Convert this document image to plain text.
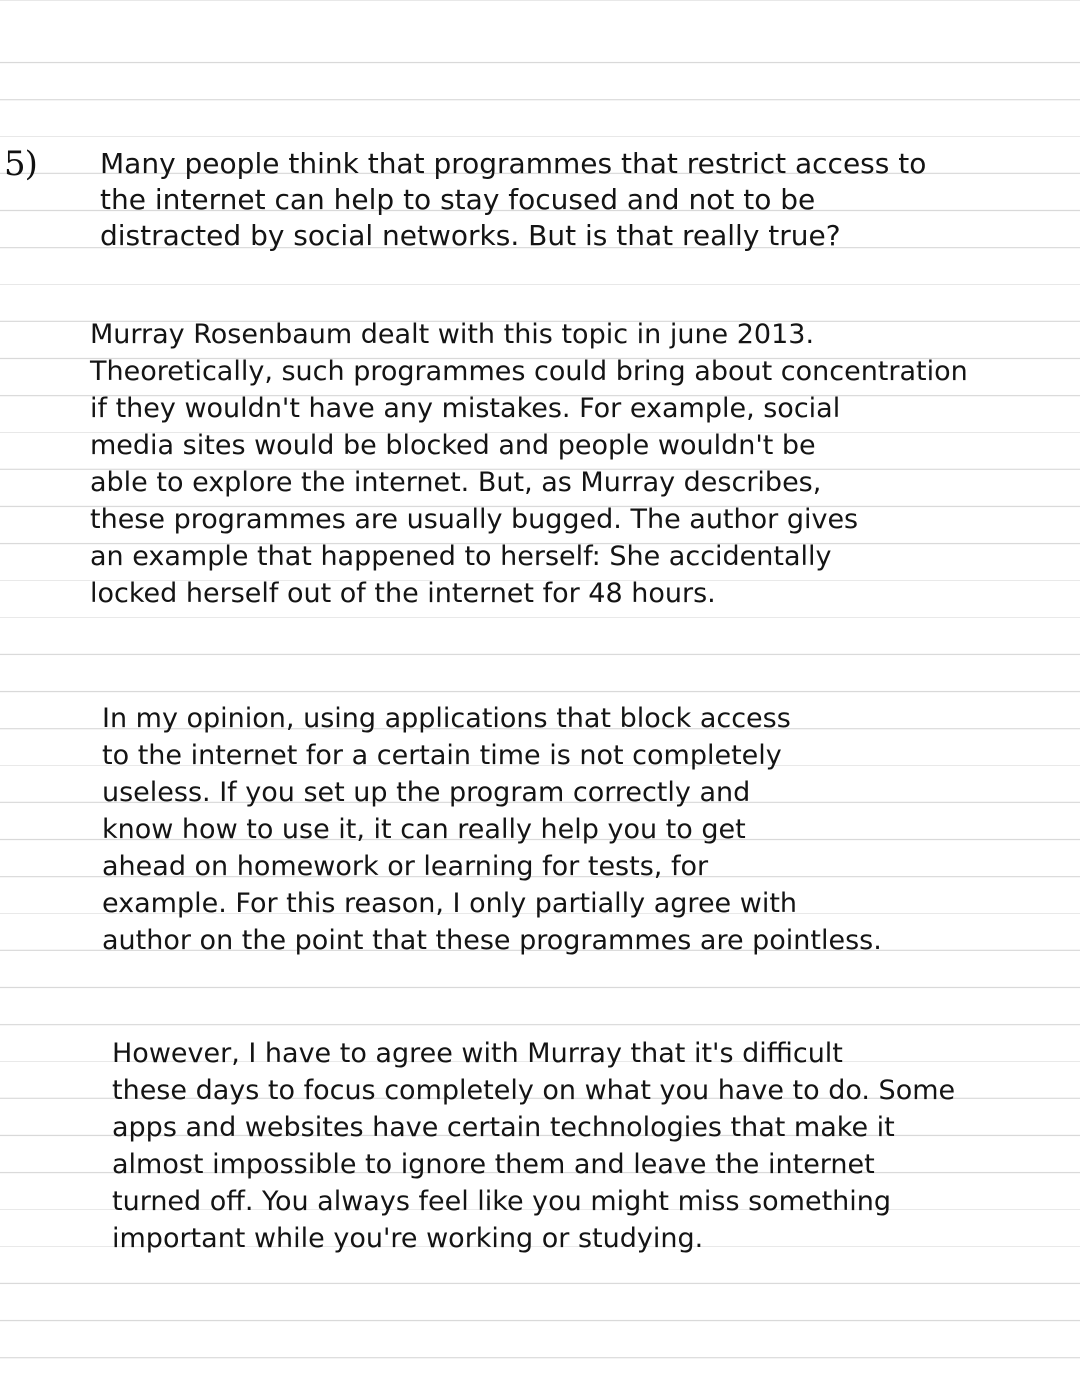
5) Many people think that programmes that restrict access to
the internet can help to stay focused and not to be
distracted by social networks. But is that really true?
Murray Rosenbaum dealt with this topic in june 2013.
Theoretically, such programmes could bring about concentration
if they wouldn't have any mistakes. For example, social
media sites would be blocked and people wouldn't be
able to explore the internet. But, as Murray describes,
these programmes are usually bugged. The author gives
an example that happened to herself: She accidentally
locked herself out of the internet for 48 hours.
In my opinion, using applications that block access
to the internet for a certain time is not completely
useless. If you set up the program correctly and
know how to use it, it can really help you to get
ahead on homework or learning for tests, for
example. For this reason, I only partially agree with
author on the point that these programmes are pointless.
However, I have to agree with Murray that it's difficult
these days to focus completely on what you have to do. Some
apps and websites have certain technologies that make it
almost impossible to ignore them and leave the internet
turned off. You always feel like you might miss something
important while you're working or studying.
